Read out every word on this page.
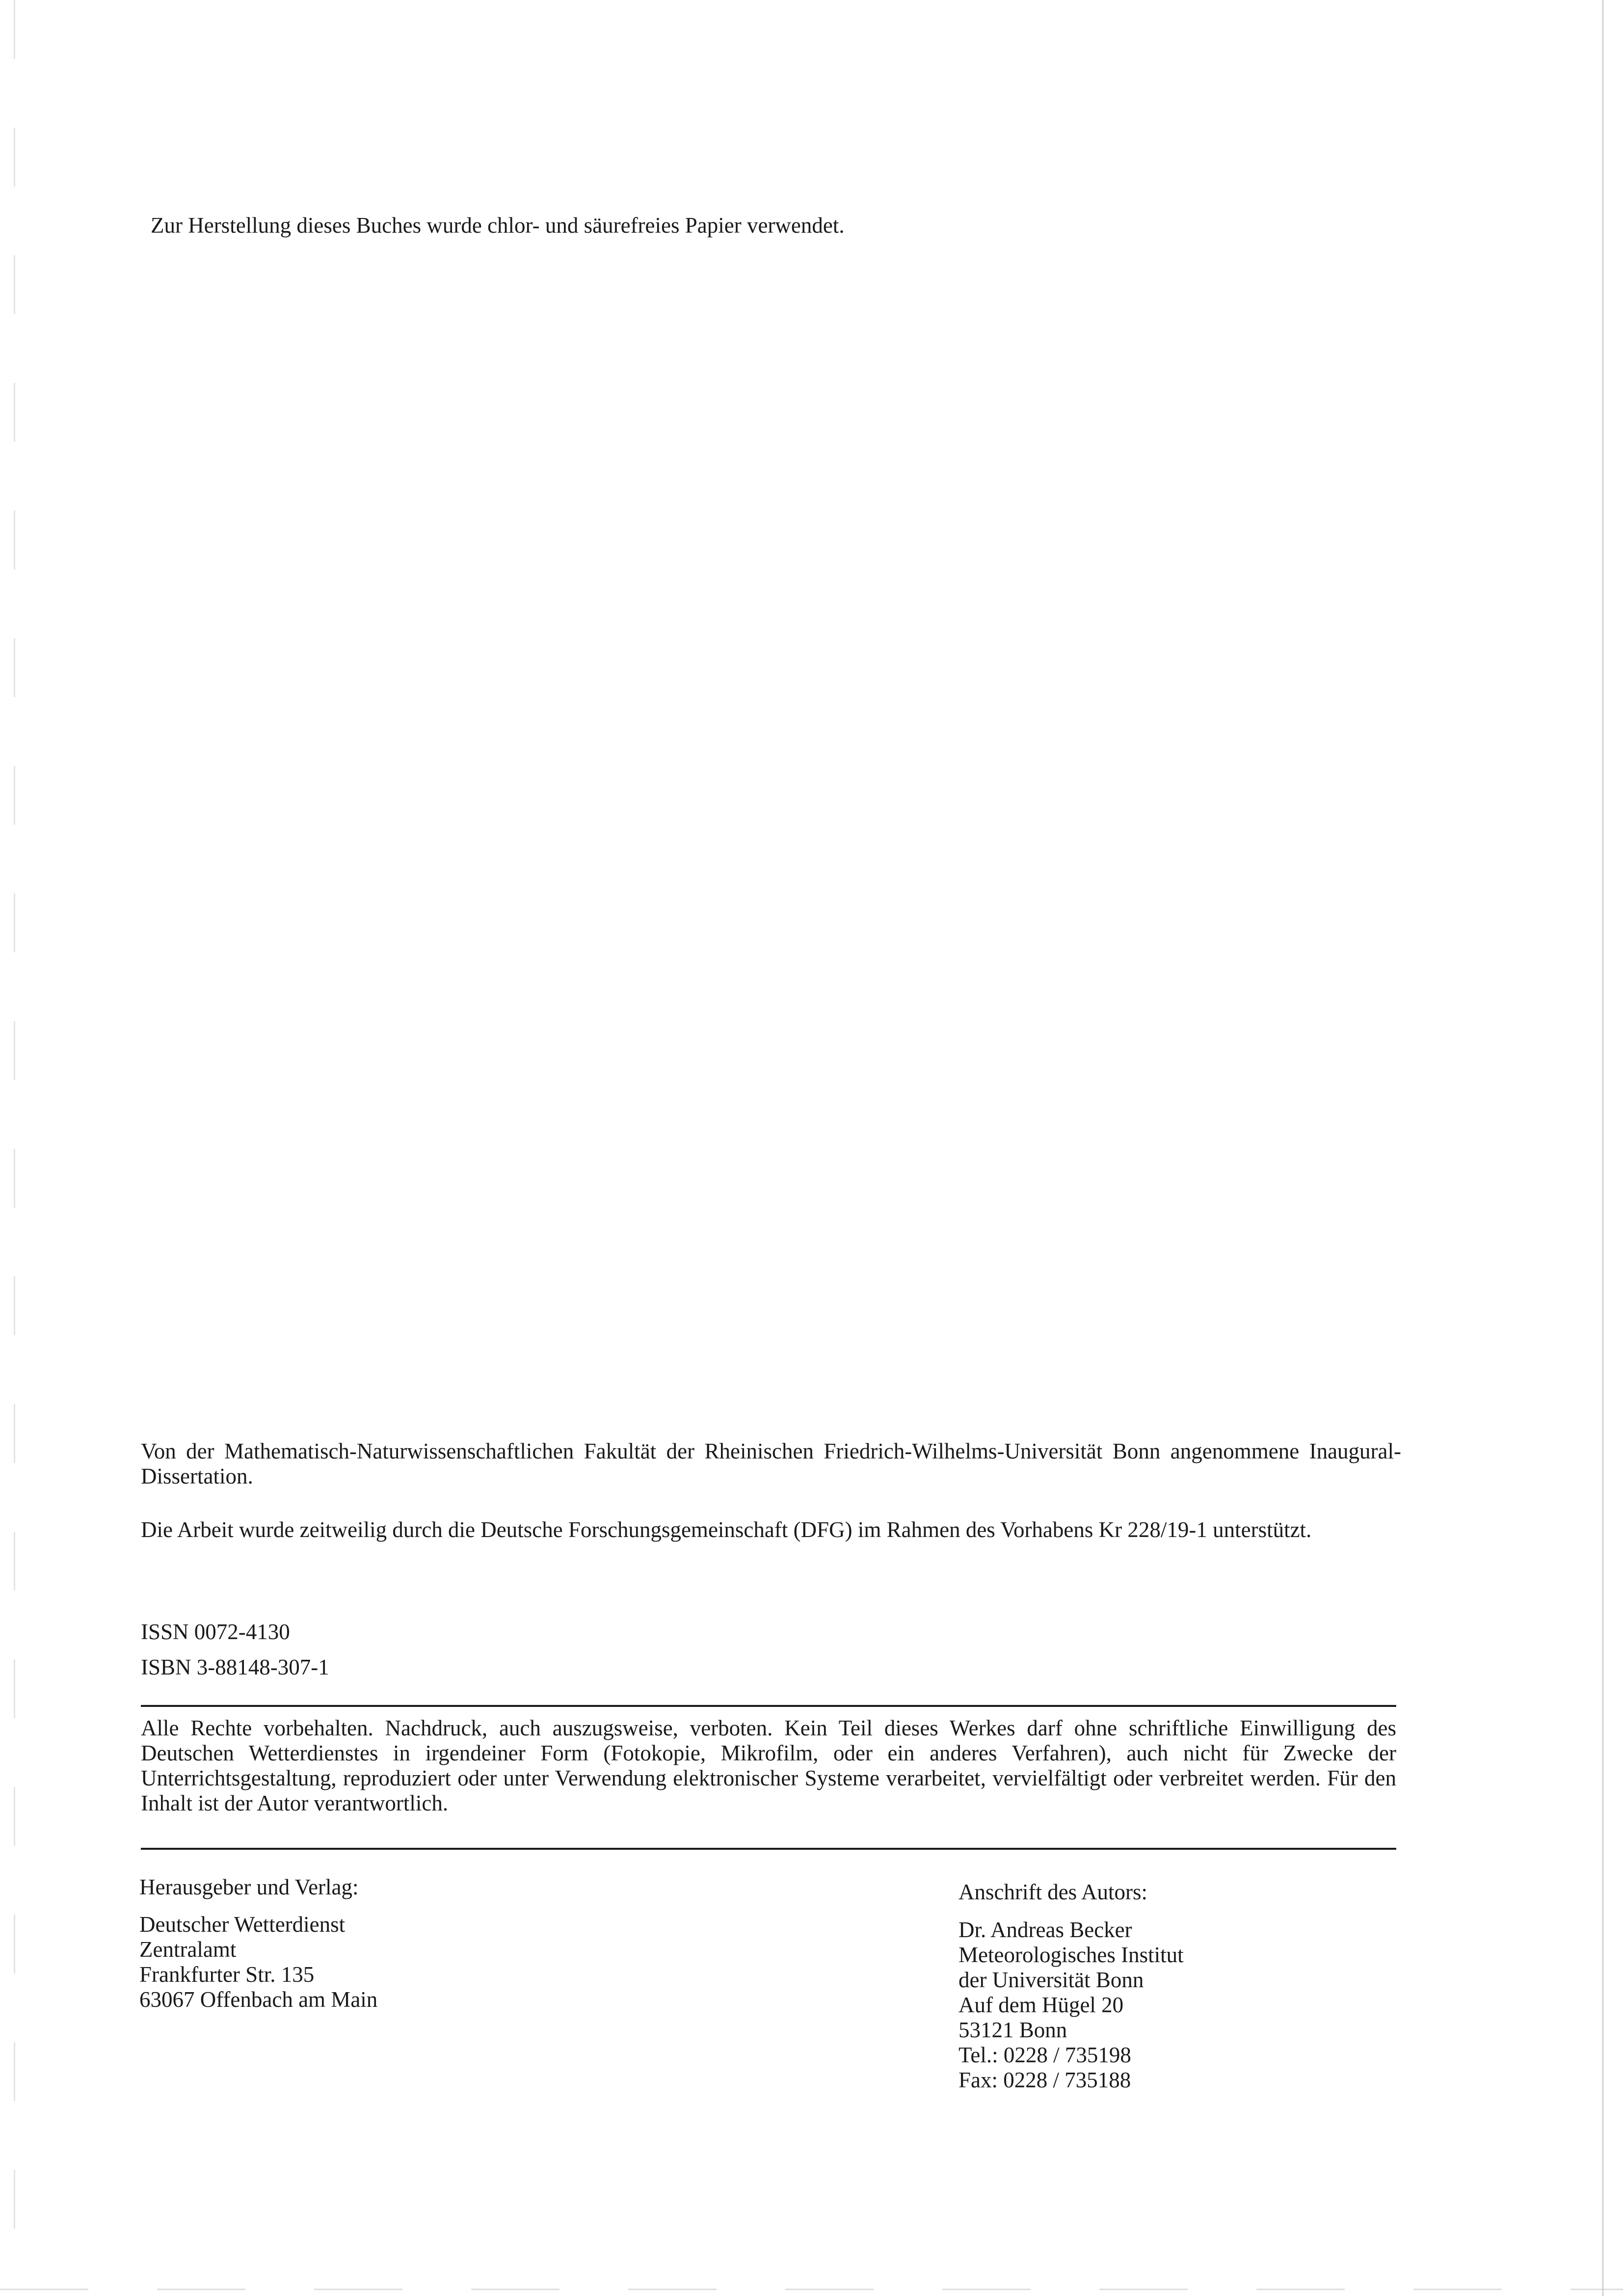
Zur Herstellung dieses Buches wurde chlor- und säurefreies Papier verwendet.

Von der Mathematisch-Naturwissenschaftlichen Fakultät der Rheinischen Friedrich-Wilhelms-Universität Bonn angenommene Inaugural-Dissertation.

Die Arbeit wurde zeitweilig durch die Deutsche Forschungsgemeinschaft (DFG) im Rahmen des Vorhabens Kr 228/19-1 unterstützt.

ISSN 0072-4130

ISBN 3-88148-307-1

Alle Rechte vorbehalten. Nachdruck, auch auszugsweise, verboten. Kein Teil dieses Werkes darf ohne schriftliche Einwilligung des Deutschen Wetterdienstes in irgendeiner Form (Fotokopie, Mikrofilm, oder ein anderes Verfahren), auch nicht für Zwecke der Unterrichtsgestaltung, reproduziert oder unter Verwendung elektronischer Systeme verarbeitet, vervielfältigt oder verbreitet werden. Für den Inhalt ist der Autor verantwortlich.

Herausgeber und Verlag:

Deutscher Wetterdienst
Zentralamt
Frankfurter Str. 135
63067 Offenbach am Main

Anschrift des Autors:

Dr. Andreas Becker
Meteorologisches Institut
der Universität Bonn
Auf dem Hügel 20
53121 Bonn
Tel.: 0228 / 735198
Fax: 0228 / 735188
